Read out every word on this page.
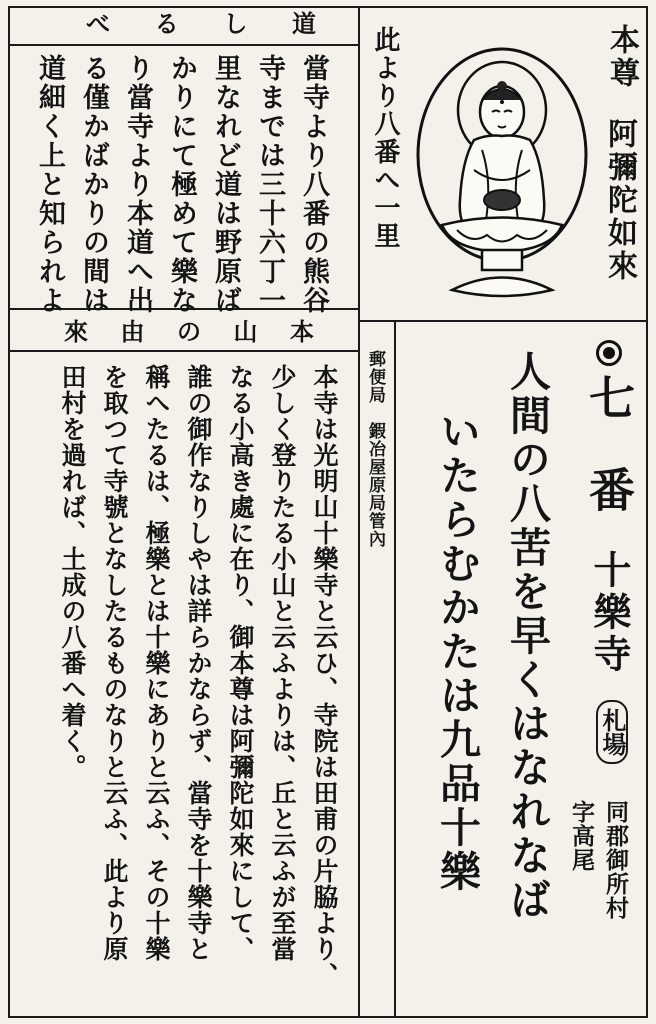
べ る し 道
當寺より八番の熊谷
寺までは三十六丁一
里なれど道は野原ば
かりにて極めて樂な
り當寺より本道へ出
る僅かばかりの間は
道細く上と知られよ	本尊
阿彌陀如來
此より八番へ一里
來 由 の 山 本
本寺は光明山十樂寺と云ひ、寺院は田甫の片脇より、
少しく登りたる小山と云ふよりは、丘と云ふが至當
なる小高き處に在り、御本尊は阿彌陀如來にして、
誰の御作なりしやは詳らかならず、當寺を十樂寺と
稱へたるは、極樂とは十樂にありと云ふ、その十樂
を取つて寺號となしたるものなりと云ふ、此より原
田村を過れば、土成の八番へ着く。	郵便局　鍜冶屋原局管內	七　番
十樂寺
札場
同郡御所村
字高尾
人間の八苦を早くはなれなば
いたらむかたは九品十樂
